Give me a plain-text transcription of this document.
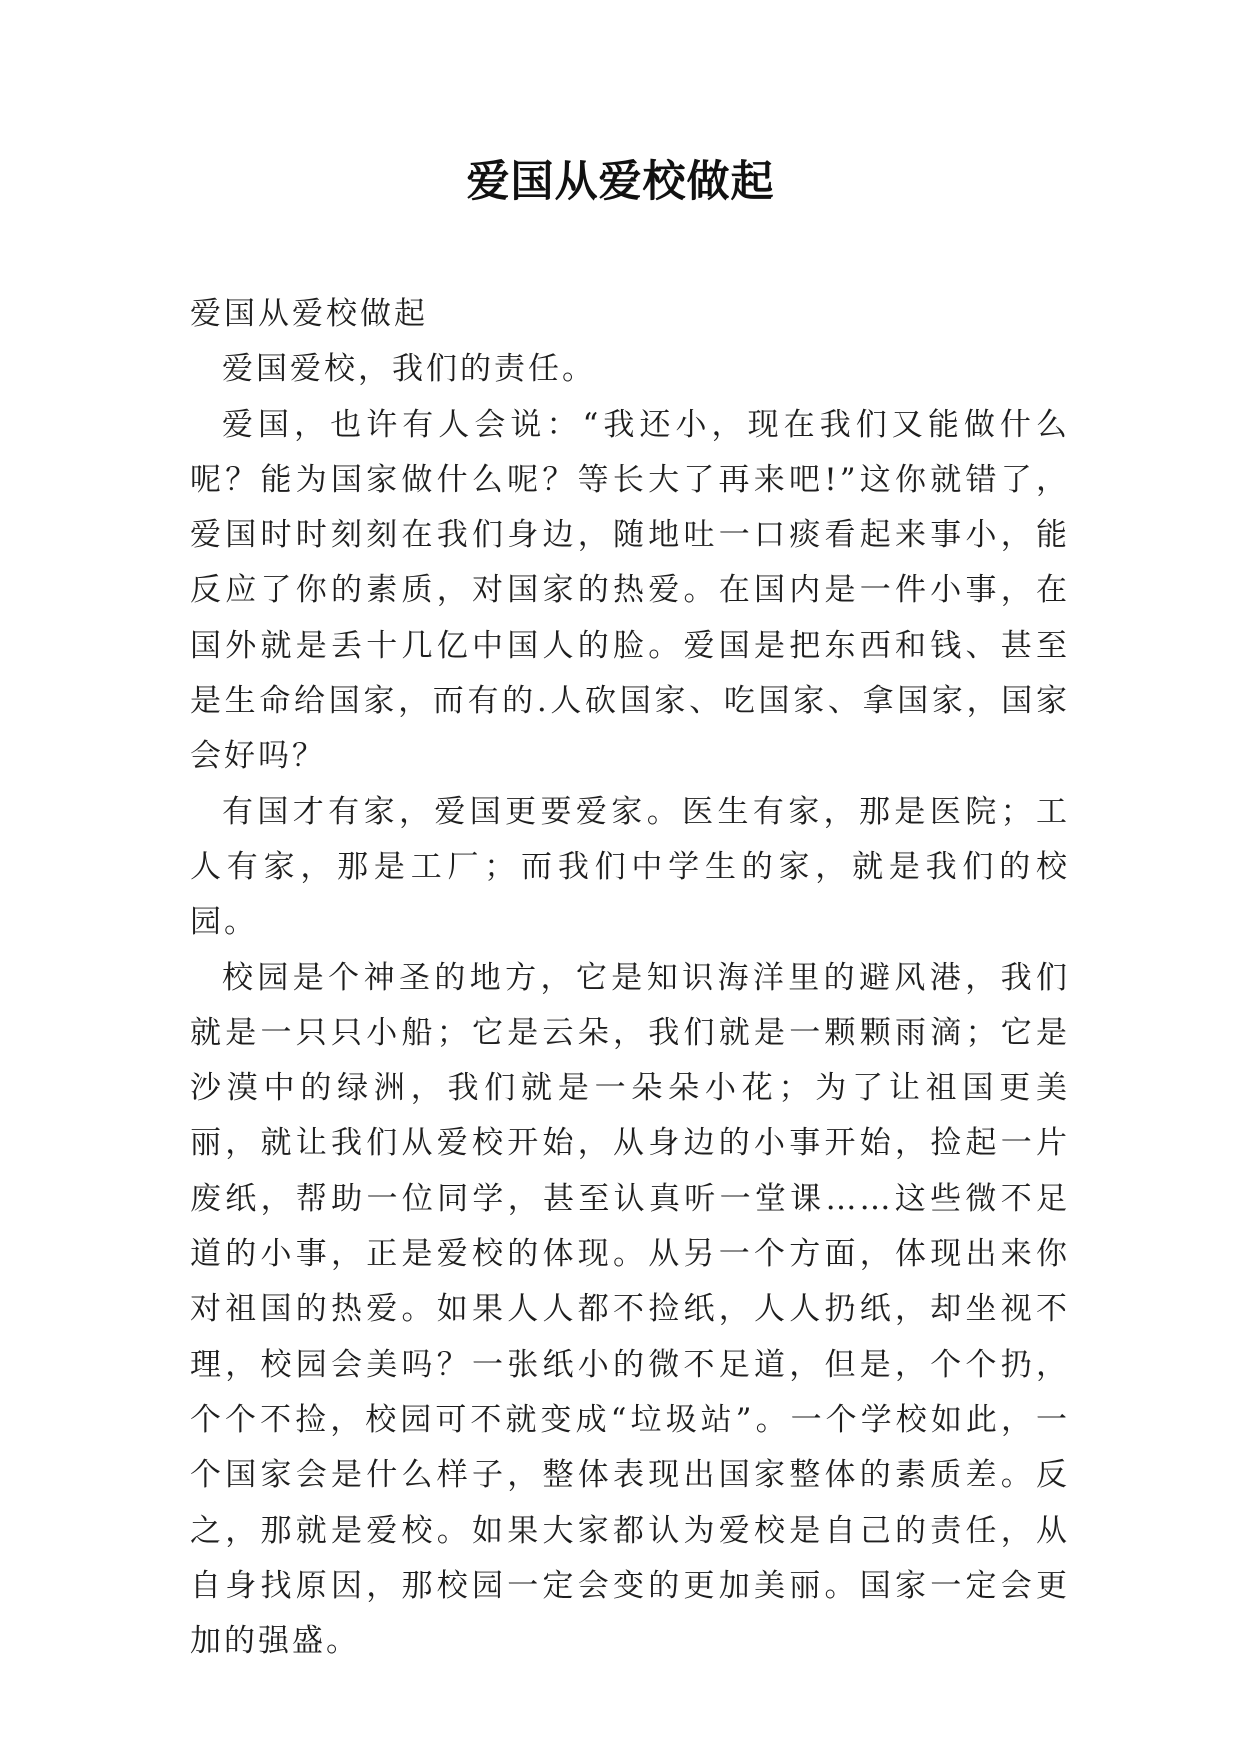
爱国从爱校做起

爱国从爱校做起

爱国爱校，我们的责任。

爱国，也许有人会说：“我还小，现在我们又能做什么呢？能为国家做什么呢？等长大了再来吧!”这你就错了，爱国时时刻刻在我们身边，随地吐一口痰看起来事小，能反应了你的素质，对国家的热爱。在国内是一件小事，在国外就是丢十几亿中国人的脸。爱国是把东西和钱、甚至是生命给国家，而有的.人砍国家、吃国家、拿国家，国家会好吗？

有国才有家，爱国更要爱家。医生有家，那是医院；工人有家，那是工厂；而我们中学生的家，就是我们的校园。

校园是个神圣的地方，它是知识海洋里的避风港，我们就是一只只小船；它是云朵，我们就是一颗颗雨滴；它是沙漠中的绿洲，我们就是一朵朵小花；为了让祖国更美丽，就让我们从爱校开始，从身边的小事开始，捡起一片废纸，帮助一位同学，甚至认真听一堂课……这些微不足道的小事，正是爱校的体现。从另一个方面，体现出来你对祖国的热爱。如果人人都不捡纸，人人扔纸，却坐视不理，校园会美吗？一张纸小的微不足道，但是，个个扔，个个不捡，校园可不就变成“垃圾站”。一个学校如此，一个国家会是什么样子，整体表现出国家整体的素质差。反之，那就是爱校。如果大家都认为爱校是自己的责任，从自身找原因，那校园一定会变的更加美丽。国家一定会更加的强盛。
